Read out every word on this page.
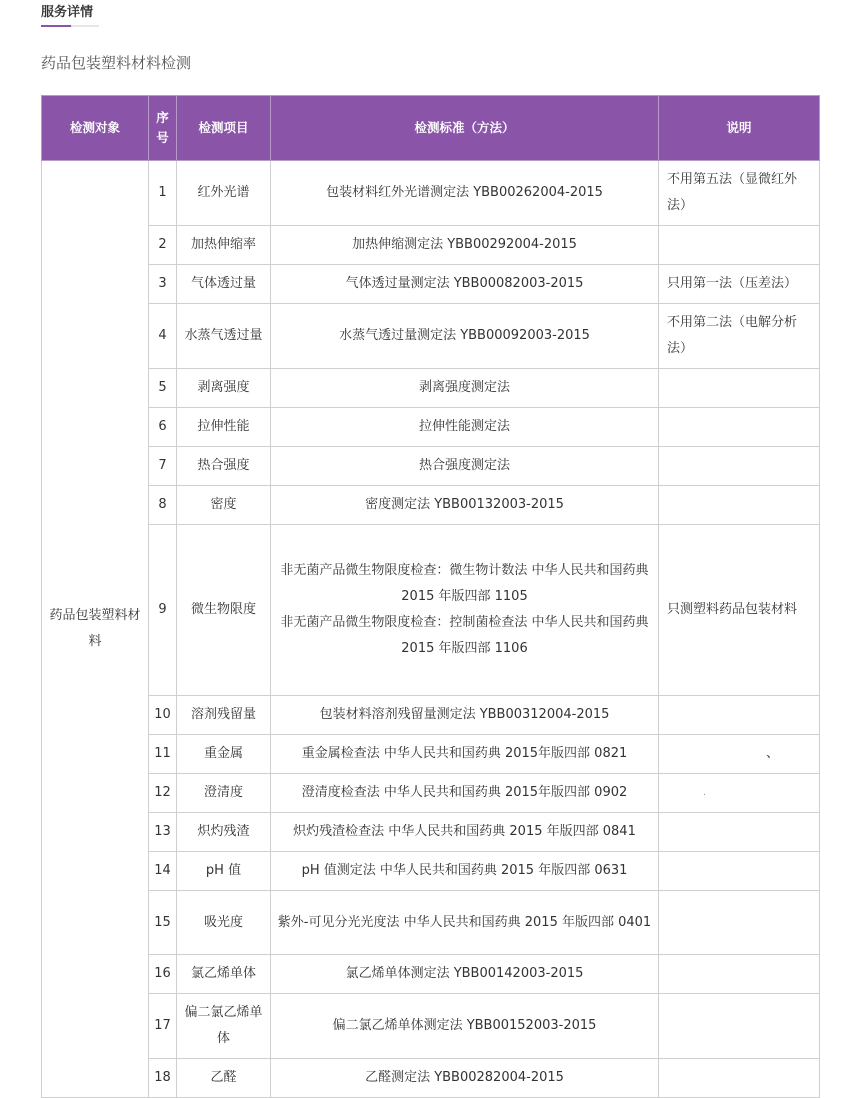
服务详情
药品包装塑料材料检测
检测对象	序号	检测项目	检测标准（方法）	说明
药品包装塑料材料	1	红外光谱	包装材料红外光谱测定法 YBB00262004-2015	不用第五法（显微红外法）
	2	加热伸缩率	加热伸缩测定法 YBB00292004-2015	

	3	气体透过量	气体透过量测定法 YBB00082003-2015	只用第一法（压差法）
	4	水蒸气透过量	水蒸气透过量测定法 YBB00092003-2015	不用第二法（电解分析法）
	5	剥离强度	剥离强度测定法	

	6	拉伸性能	拉伸性能测定法	

	7	热合强度	热合强度测定法	

	8	密度	密度测定法 YBB00132003-2015	

	9	微生物限度	非无菌产品微生物限度检查：微生物计数法 中华人民共和国药典
2015 年版四部 1105
非无菌产品微生物限度检查：控制菌检查法 中华人民共和国药典
2015 年版四部 1106	只测塑料药品包装材料
	10	溶剂残留量	包装材料溶剂残留量测定法 YBB00312004-2015	

	11	重金属	重金属检查法 中华人民共和国药典 2015年版四部 0821	、
	12	澄清度	澄清度检查法 中华人民共和国药典 2015年版四部 0902	.
	13	炽灼残渣	炽灼残渣检查法 中华人民共和国药典 2015 年版四部 0841	

	14	pH 值	pH 值测定法 中华人民共和国药典 2015 年版四部 0631	

	15	吸光度	紫外-可见分光光度法 中华人民共和国药典 2015 年版四部 0401	

	16	氯乙烯单体	氯乙烯单体测定法 YBB00142003-2015	

	17	偏二氯乙烯单体	偏二氯乙烯单体测定法 YBB00152003-2015	

	18	乙醛	乙醛测定法 YBB00282004-2015	
